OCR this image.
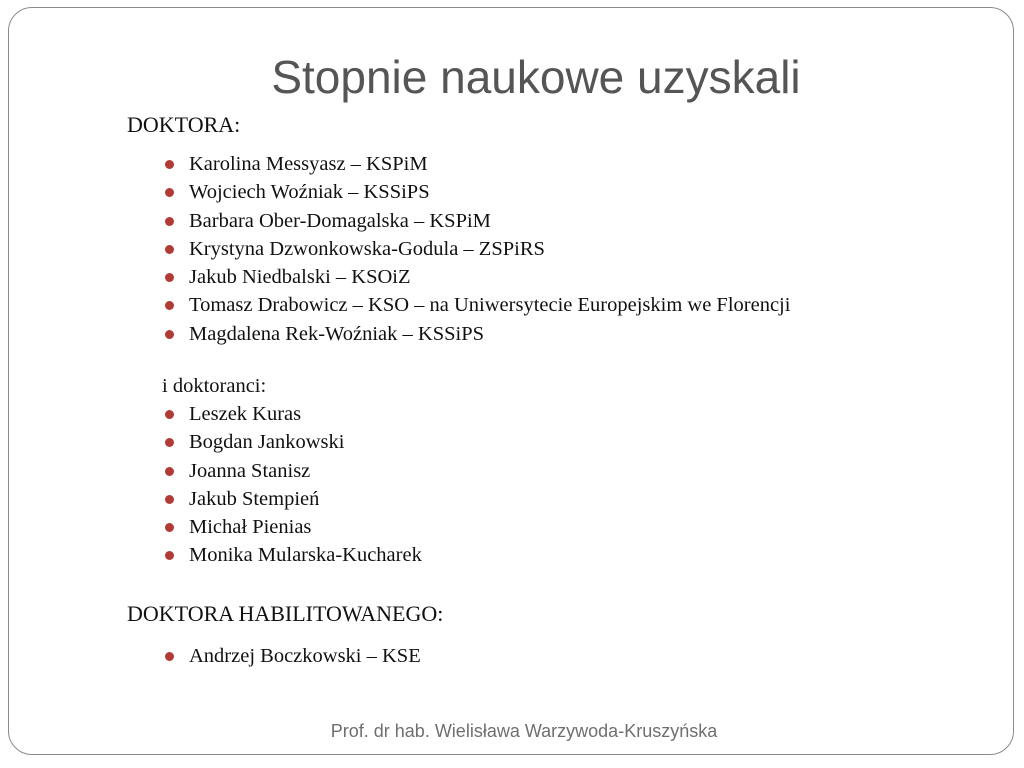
Stopnie naukowe uzyskali
DOKTORA:
Karolina Messyasz – KSPiM
Wojciech Woźniak – KSSiPS
Barbara Ober-Domagalska – KSPiM
Krystyna Dzwonkowska-Godula – ZSPiRS
Jakub Niedbalski – KSOiZ
Tomasz Drabowicz – KSO – na Uniwersytecie Europejskim we Florencji
Magdalena Rek-Woźniak – KSSiPS

i doktoranci:

Leszek Kuras
Bogdan Jankowski
Joanna Stanisz
Jakub Stempień
Michał Pienias
Monika Mularska-Kucharek
DOKTORA HABILITOWANEGO:
Andrzej Boczkowski – KSE
Prof. dr hab. Wielisława Warzywoda-Kruszyńska
